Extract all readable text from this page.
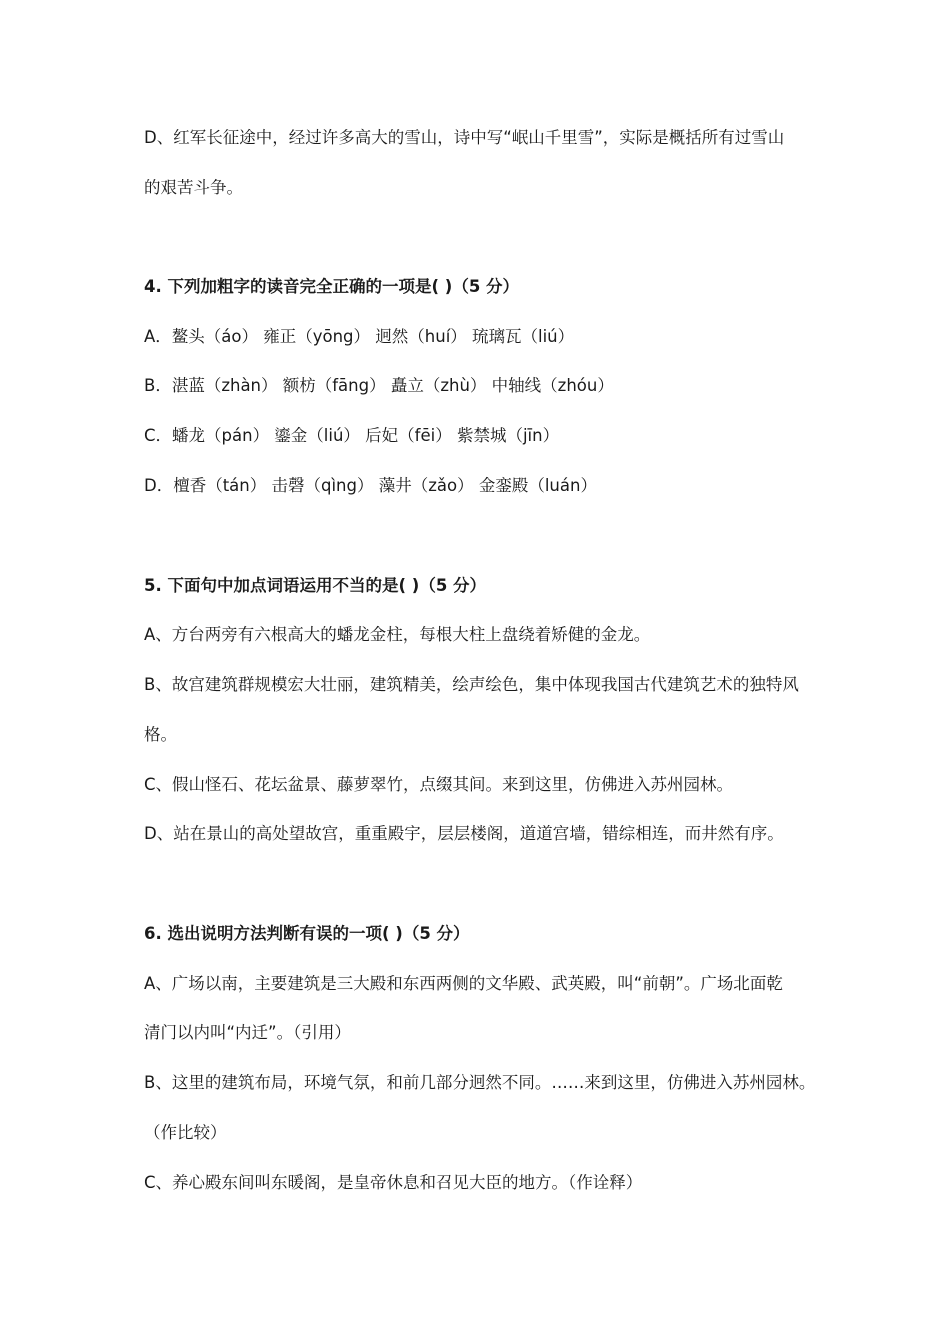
D、红军长征途中，经过许多高大的雪山，诗中写“岷山千里雪”，实际是概括所有过雪山
的艰苦斗争。
4. 下列加粗字的读音完全正确的一项是( )（5 分）
A．鳌头（áo） 雍正（yōng） 迥然（huí） 琉璃瓦（liú）
B．湛蓝（zhàn） 额枋（fāng） 矗立（zhù） 中轴线（zhóu）
C．蟠龙（pán） 鎏金（liú） 后妃（fēi） 紫禁城（jīn）
D．檀香（tán） 击磬（qìng） 藻井（zǎo） 金銮殿（luán）
5. 下面句中加点词语运用不当的是( )（5 分）
A、方台两旁有六根高大的蟠龙金柱，每根大柱上盘绕着矫健的金龙。
B、故宫建筑群规模宏大壮丽，建筑精美，绘声绘色，集中体现我国古代建筑艺术的独特风
格。
C、假山怪石、花坛盆景、藤萝翠竹，点缀其间。来到这里，仿佛进入苏州园林。
D、站在景山的高处望故宫，重重殿宇，层层楼阁，道道宫墙，错综相连，而井然有序。
6. 选出说明方法判断有误的一项( )（5 分）
A、广场以南，主要建筑是三大殿和东西两侧的文华殿、武英殿，叫“前朝”。广场北面乾
清门以内叫“内迁”。（引用）
B、这里的建筑布局，环境气氛，和前几部分迥然不同。……来到这里，仿佛进入苏州园林。
（作比较）
C、养心殿东间叫东暖阁，是皇帝休息和召见大臣的地方。（作诠释）
